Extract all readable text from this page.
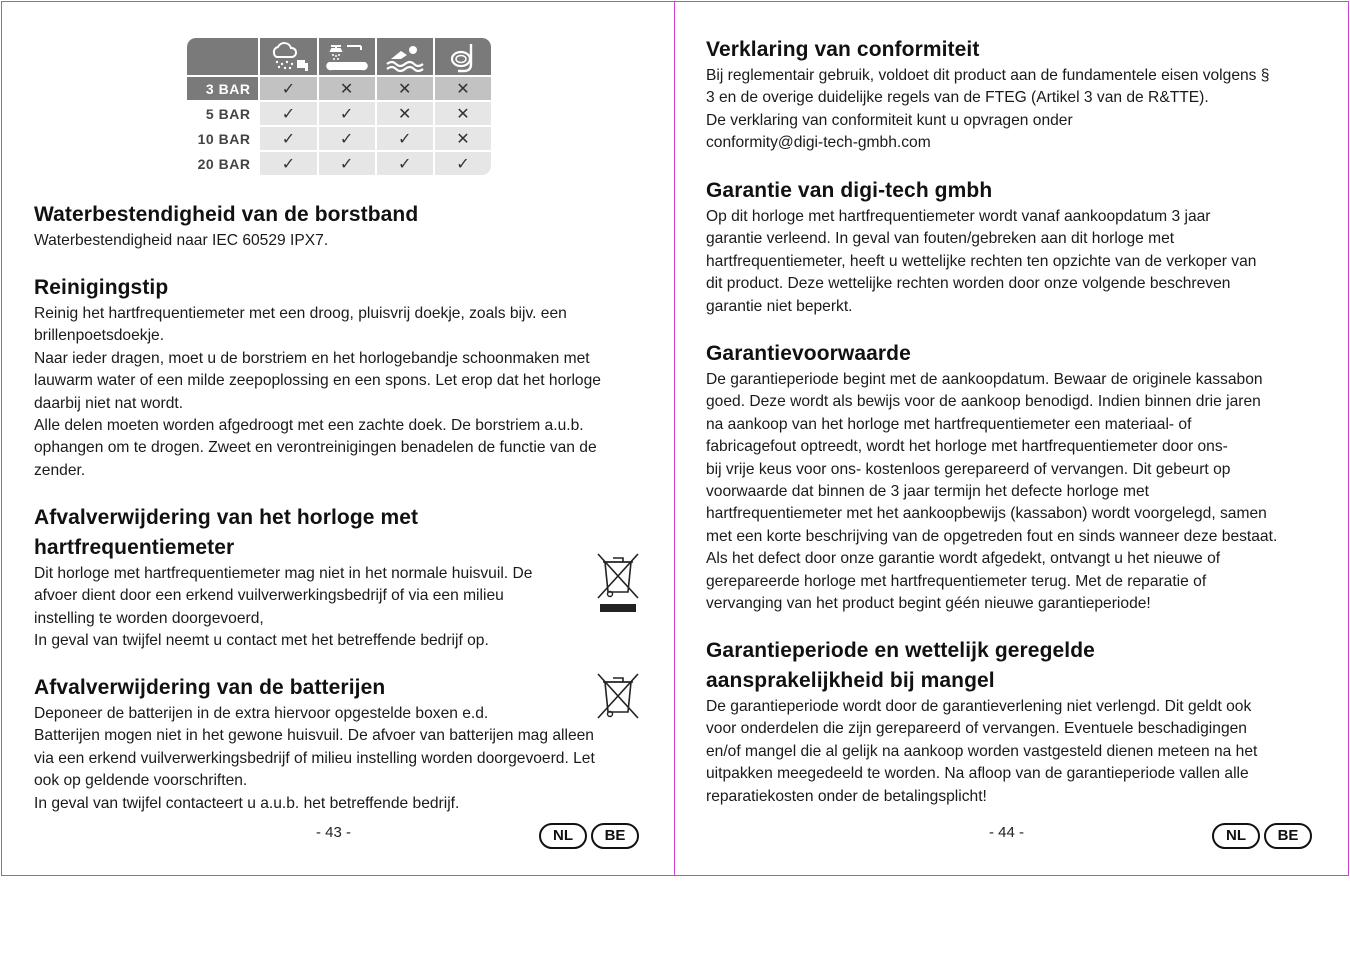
3 BAR	✓	✕	✕	✕
5 BAR	✓	✓	✕	✕
10 BAR	✓	✓	✓	✕
20 BAR	✓	✓	✓	✓
Waterbestendigheid van de borstband

Waterbestendigheid naar IEC 60529 IPX7.

Reinigingstip

Reinig het hartfrequentiemeter met een droog, pluisvrij doekje, zoals bijv. een

brillenpoetsdoekje.

Naar ieder dragen, moet u de borstriem en het horlogebandje schoonmaken met

lauwarm water of een milde zeepoplossing en een spons. Let erop dat het horloge

daarbij niet nat wordt.

Alle delen moeten worden afgedroogt met een zachte doek. De borstriem a.u.b.

ophangen om te drogen. Zweet en verontreinigingen benadelen de functie van de

zender.

Afvalverwijdering van het horloge met
hartfrequentiemeter

Dit horloge met hartfrequentiemeter mag niet in het normale huisvuil. De

afvoer dient door een erkend vuilverwerkingsbedrijf of via een milieu

instelling te worden doorgevoerd,

In geval van twijfel neemt u contact met het betreffende bedrijf op.

Afvalverwijdering van de batterijen

Deponeer de batterijen in de extra hiervoor opgestelde boxen e.d.

Batterijen mogen niet in het gewone huisvuil. De afvoer van batterijen mag alleen

via een erkend vuilverwerkingsbedrijf of milieu instelling worden doorgevoerd. Let

ook op geldende voorschriften.

In geval van twijfel contacteert u a.u.b. het betreffende bedrijf.

- 43 -	NL	BE
Verklaring van conformiteit

Bij reglementair gebruik, voldoet dit product aan de fundamentele eisen volgens §

3 en de overige duidelijke regels van de FTEG (Artikel 3 van de R&TTE).

De verklaring van conformiteit kunt u opvragen onder

conformity@digi-tech-gmbh.com

Garantie van digi-tech gmbh

Op dit horloge met hartfrequentiemeter wordt vanaf aankoopdatum 3 jaar

garantie verleend. In geval van fouten/gebreken aan dit horloge met

hartfrequentiemeter, heeft u wettelijke rechten ten opzichte van de verkoper van

dit product. Deze wettelijke rechten worden door onze volgende beschreven

garantie niet beperkt.

Garantievoorwaarde

De garantieperiode begint met de aankoopdatum. Bewaar de originele kassabon

goed. Deze wordt als bewijs voor de aankoop benodigd. Indien binnen drie jaren

na aankoop van het horloge met hartfrequentiemeter een materiaal- of

fabricagefout optreedt, wordt het horloge met hartfrequentiemeter door ons-

bij vrije keus voor ons- kostenloos gerepareerd of vervangen. Dit gebeurt op

voorwaarde dat binnen de 3 jaar termijn het defecte horloge met

hartfrequentiemeter met het aankoopbewijs (kassabon) wordt voorgelegd, samen

met een korte beschrijving van de opgetreden fout en sinds wanneer deze bestaat.

Als het defect door onze garantie wordt afgedekt, ontvangt u het nieuwe of

gerepareerde horloge met hartfrequentiemeter terug. Met de reparatie of

vervanging van het product begint géén nieuwe garantieperiode!

Garantieperiode en wettelijk geregelde
aansprakelijkheid bij mangel

De garantieperiode wordt door de garantieverlening niet verlengd. Dit geldt ook

voor onderdelen die zijn gerepareerd of vervangen. Eventuele beschadigingen

en/of mangel die al gelijk na aankoop worden vastgesteld dienen meteen na het

uitpakken meegedeeld te worden. Na afloop van de garantieperiode vallen alle

reparatiekosten onder de betalingsplicht!

- 44 -	NL	BE
